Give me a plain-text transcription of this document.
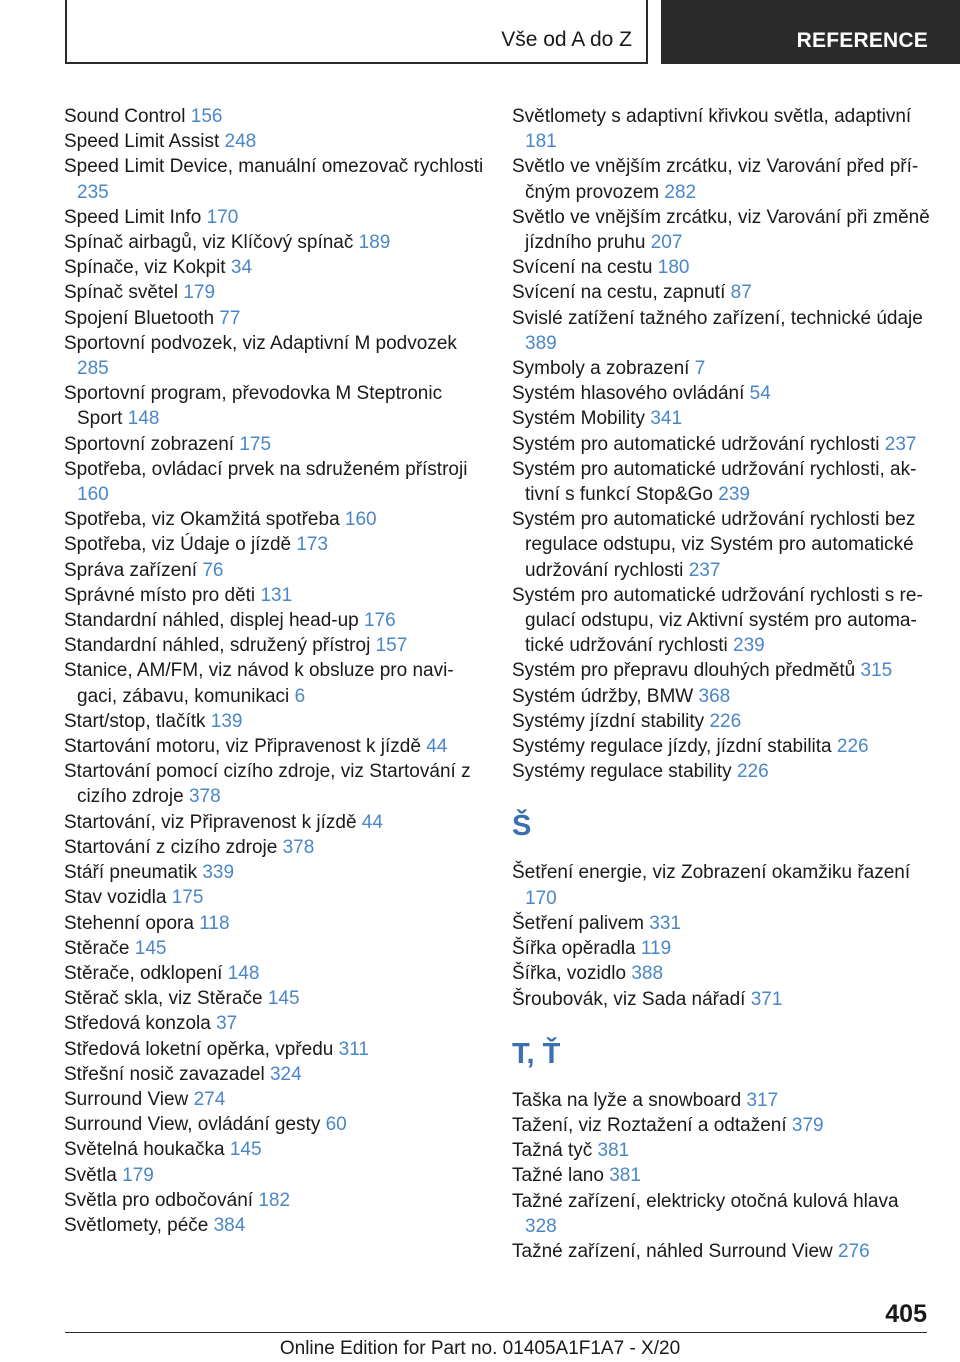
Vše od A do Z	REFERENCE
Sound Control 156
Speed Limit Assist 248
Speed Limit Device, manuální omezovač rychlosti 235
Speed Limit Info 170
Spínač airbagů, viz Klíčový spínač 189
Spínače, viz Kokpit 34
Spínač světel 179
Spojení Bluetooth 77
Sportovní podvozek, viz Adaptivní M podvozek 285
Sportovní program, převodovka M Steptronic Sport 148
Sportovní zobrazení 175
Spotřeba, ovládací prvek na sdruženém přístroji 160
Spotřeba, viz Okamžitá spotřeba 160
Spotřeba, viz Údaje o jízdě 173
Správa zařízení 76
Správné místo pro děti 131
Standardní náhled, displej head-up 176
Standardní náhled, sdružený přístroj 157
Stanice, AM/FM, viz návod k obsluze pro navigaci, zábavu, komunikaci 6
Start/stop, tlačítk 139
Startování motoru, viz Připravenost k jízdě 44
Startování pomocí cizího zdroje, viz Startování z cizího zdroje 378
Startování, viz Připravenost k jízdě 44
Startování z cizího zdroje 378
Stáří pneumatik 339
Stav vozidla 175
Stehenní opora 118
Stěrače 145
Stěrače, odklopení 148
Stěrač skla, viz Stěrače 145
Středová konzola 37
Středová loketní opěrka, vpředu 311
Střešní nosič zavazadel 324
Surround View 274
Surround View, ovládání gesty 60
Světelná houkačka 145
Světla 179
Světla pro odbočování 182
Světlomety, péče 384
Světlomety s adaptivní křivkou světla, adaptivní 181
Světlo ve vnějším zrcátku, viz Varování před příčným provozem 282
Světlo ve vnějším zrcátku, viz Varování při změně jízdního pruhu 207
Svícení na cestu 180
Svícení na cestu, zapnutí 87
Svislé zatížení tažného zařízení, technické údaje 389
Symboly a zobrazení 7
Systém hlasového ovládání 54
Systém Mobility 341
Systém pro automatické udržování rychlosti 237
Systém pro automatické udržování rychlosti, aktivní s funkcí Stop&Go 239
Systém pro automatické udržování rychlosti bez regulace odstupu, viz Systém pro automatické udržování rychlosti 237
Systém pro automatické udržování rychlosti s regulací odstupu, viz Aktivní systém pro automatické udržování rychlosti 239
Systém pro přepravu dlouhých předmětů 315
Systém údržby, BMW 368
Systémy jízdní stability 226
Systémy regulace jízdy, jízdní stabilita 226
Systémy regulace stability 226
Š
Šetření energie, viz Zobrazení okamžiku řazení 170
Šetření palivem 331
Šířka opěradla 119
Šířka, vozidlo 388
Šroubovák, viz Sada nářadí 371
T, Ť
Taška na lyže a snowboard 317
Tažení, viz Roztažení a odtažení 379
Tažná tyč 381
Tažné lano 381
Tažné zařízení, elektricky otočná kulová hlava 328
Tažné zařízení, náhled Surround View 276
405
Online Edition for Part no. 01405A1F1A7 - X/20
